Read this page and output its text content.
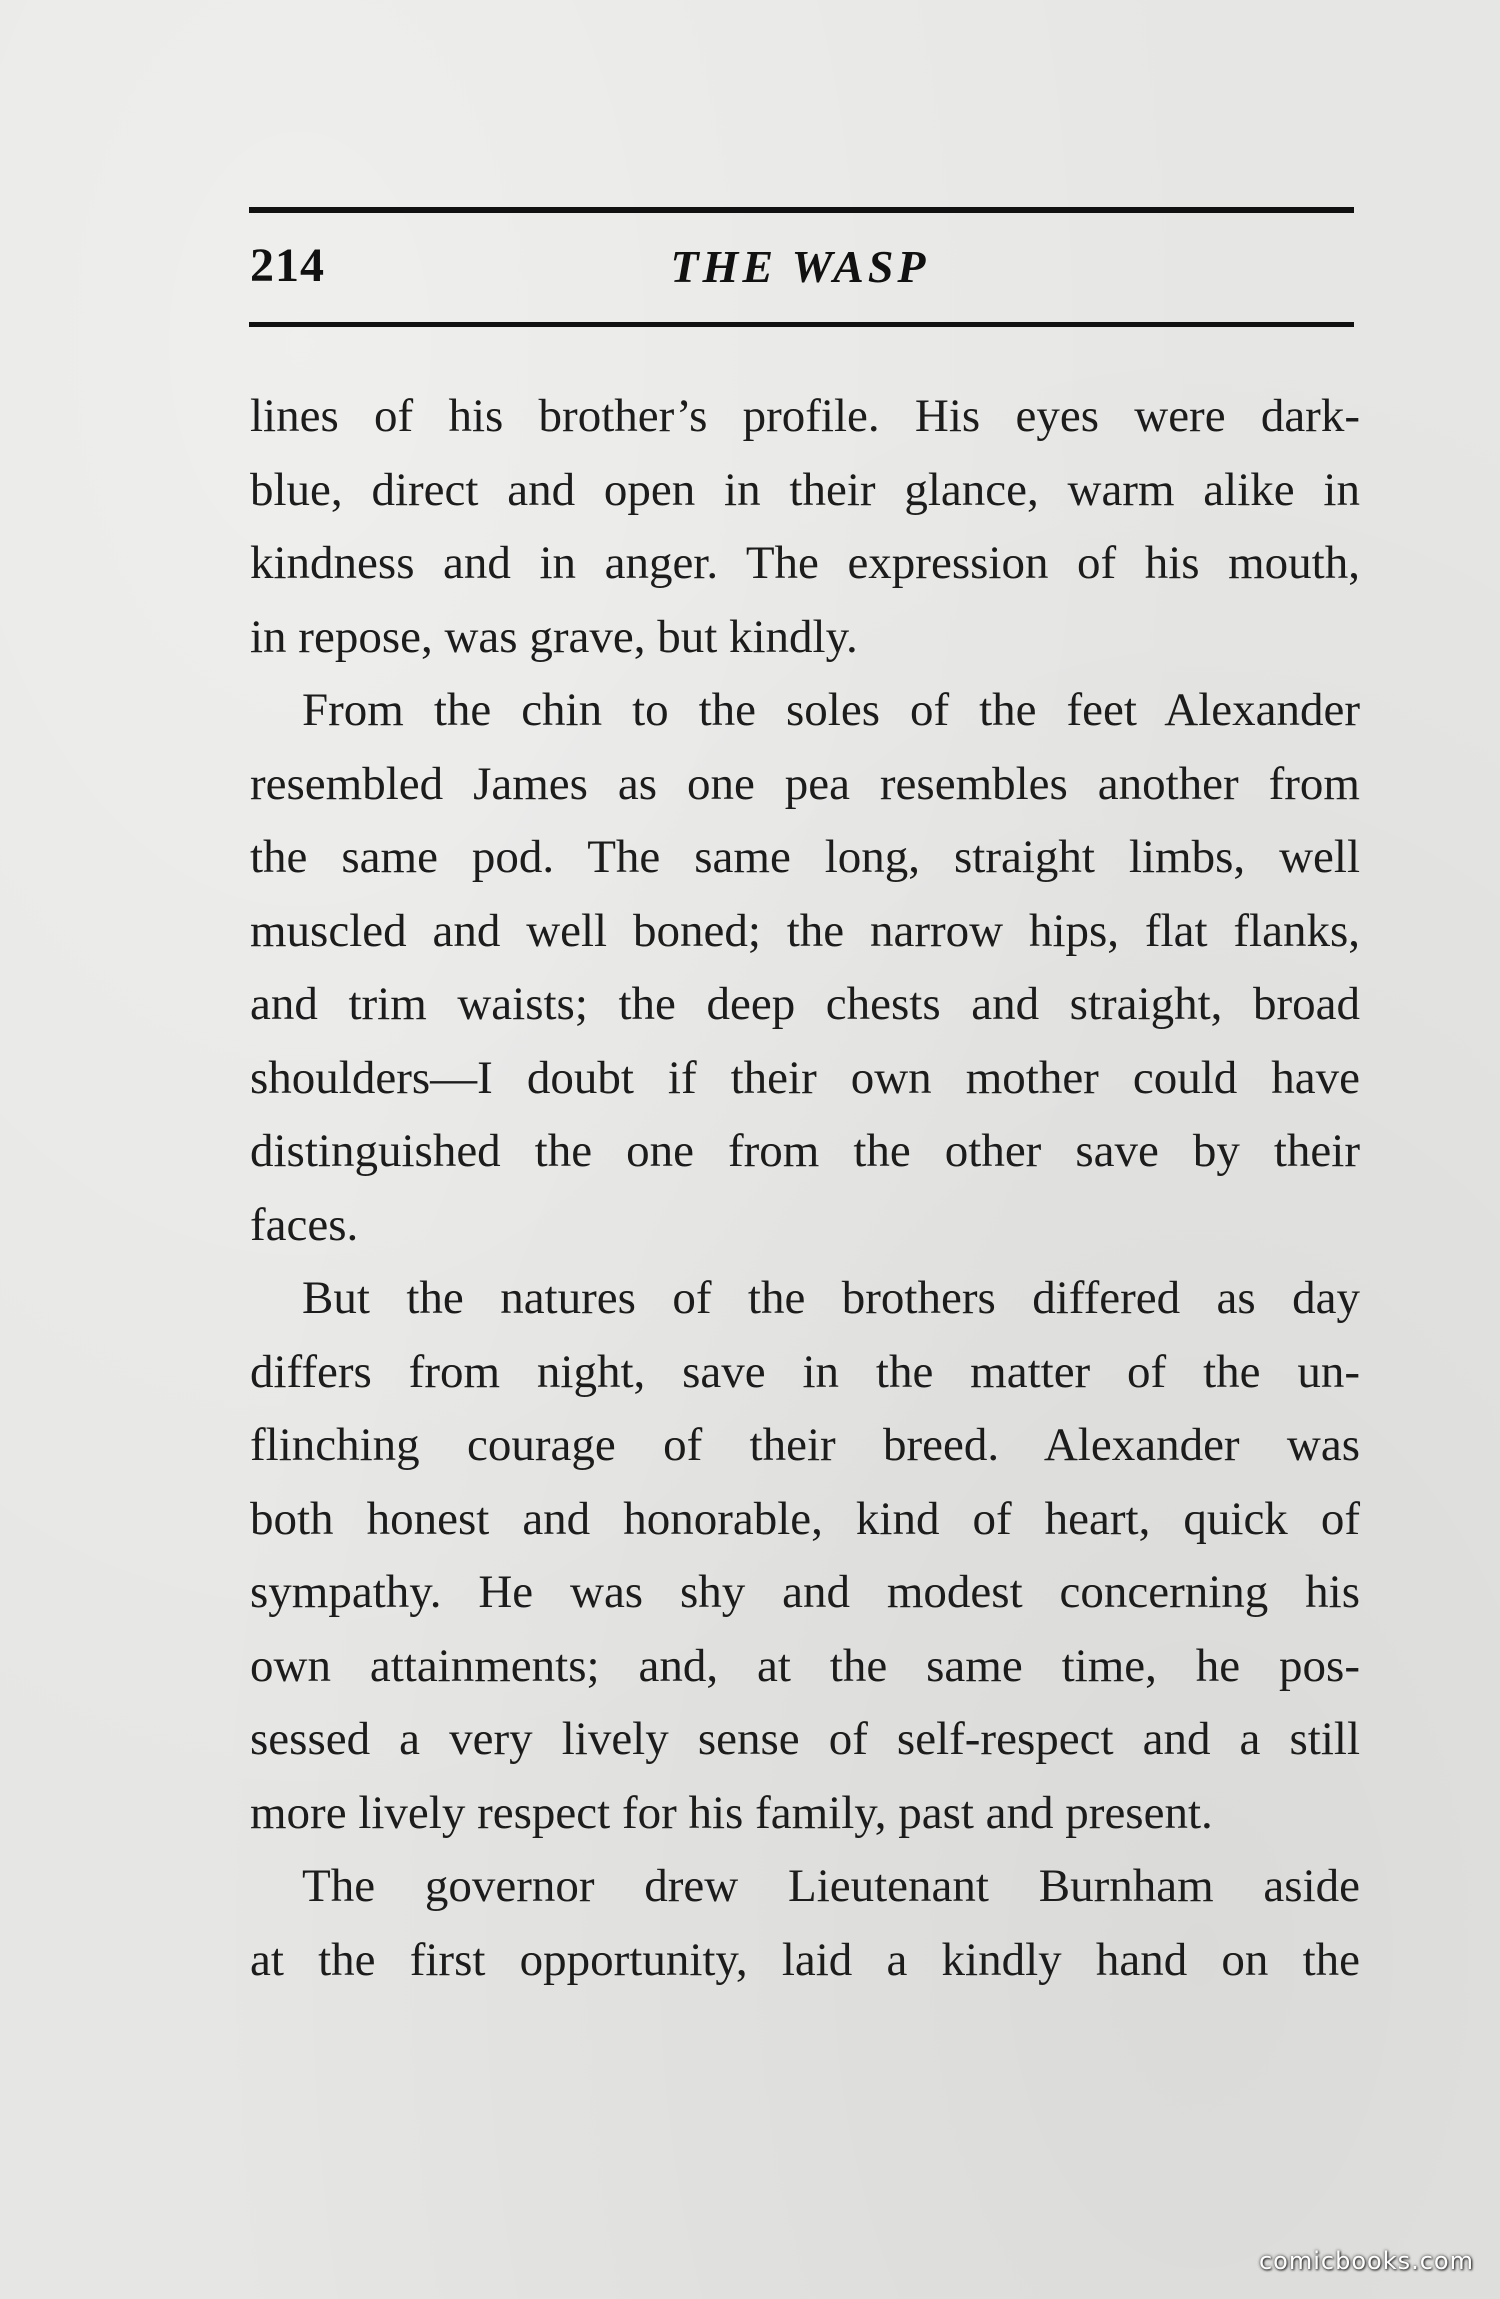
214	THE WASP
lines of his brother’s profile. His eyes were dark-
blue, direct and open in their glance, warm alike in
kindness and in anger. The expression of his mouth,
in repose, was grave, but kindly.
From the chin to the soles of the feet Alexander
resembled James as one pea resembles another from
the same pod. The same long, straight limbs, well
muscled and well boned; the narrow hips, flat flanks,
and trim waists; the deep chests and straight, broad
shoulders—I doubt if their own mother could have
distinguished the one from the other save by their
faces.
But the natures of the brothers differed as day
differs from night, save in the matter of the un-
flinching courage of their breed. Alexander was
both honest and honorable, kind of heart, quick of
sympathy. He was shy and modest concerning his
own attainments; and, at the same time, he pos-
sessed a very lively sense of self-respect and a still
more lively respect for his family, past and present.
The governor drew Lieutenant Burnham aside
at the first opportunity, laid a kindly hand on the
comicbooks.com
